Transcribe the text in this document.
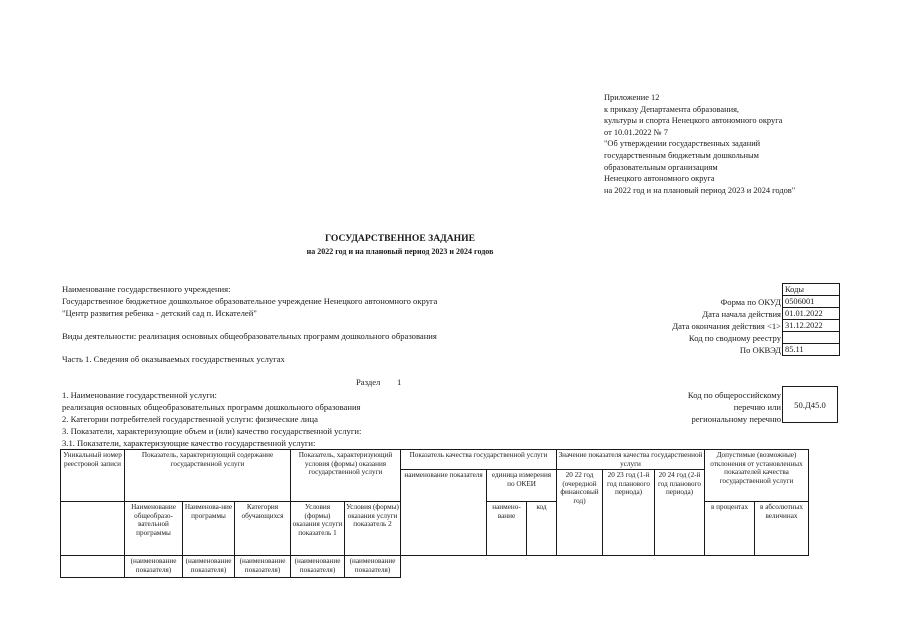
Приложение 12
к приказу Департамента образования,
культуры и спорта Ненецкого автономного округа
от 10.01.2022 № 7
"Об утверждении государственных заданий
государственным бюджетным дошкольным
образовательным организациям
Ненецкого автономного округа
на 2022 год и на плановый период 2023 и 2024 годов"
ГОСУДАРСТВЕННОЕ ЗАДАНИЕ
на 2022 год и на плановый период 2023 и 2024 годов
Наименование государственного учреждения:
Государственное бюджетное дошкольное образовательное учреждение Ненецкого автономного округа
"Центр развития ребенка - детский сад п. Искателей"
Виды деятельности: реализация основных общеобразовательных программ дошкольного образования
Часть 1. Сведения об оказываемых государственных услугах
Форма по ОКУД
Дата начала действия
Дата окончания действия <1>
Код по сводному реестру
По ОКВЭД
Коды
0506001
01.01.2022
31.12.2022

85.11
Раздел 1
1. Наименование государственной услуги:
реализация основных общеобразовательных программ дошкольного образования
2. Категории потребителей государственной услуги: физические лица
3. Показатели, характеризующие объем и (или) качество государственной услуги:
3.1. Показатели, характеризующие качество государственной услуги:
Код по общероссийскому
перечню или
региональному перечню
50.Д45.0
Уникальный номер реестровой записи	Показатель, характеризующий содержание государственной услуги			Показатель, характеризующий условия (формы) оказания государственной услуги		Показатель качества государственной услуги			Значение показателя качества государственной услуги			Допустимые (возможные) отклонения от установленных показателей качества государственной услуги	
						наименование показателя	единица измерения по ОКЕИ		20 22 год (очередной финансовый год)	20 23 год (1-й год планового периода)	20 24 год (2-й год планового периода)		
	Наименование общеобразо-вательной программы	Наименова-ние программы	Категория обучающихся	Условия (формы) оказания услуги показатель 1	Условия (формы) оказания услуги показатель 2		наимено-вание	код				в процентах	в абсолютных величинах
	(наименование показателя)	(наименование показателя)	(наименование показателя)	(наименование показателя)	(наименование показателя)								
